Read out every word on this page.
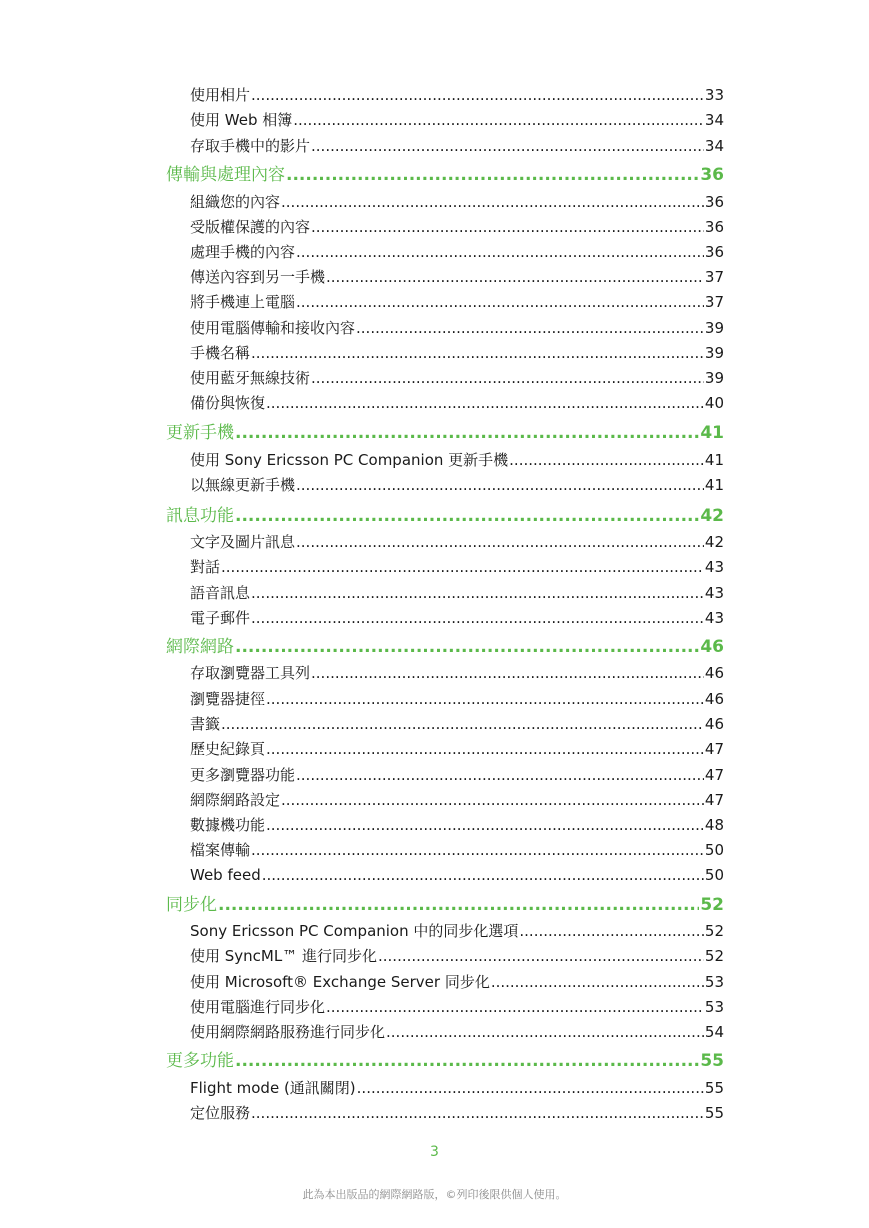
使用相片 .....	33
使用 Web 相簿 .....	34
存取手機中的影片 .....	34
傳輸與處理內容 .....	36
組織您的內容 .....	36
受版權保護的內容 .....	36
處理手機的內容 .....	36
傳送內容到另一手機 .....	37
將手機連上電腦 .....	37
使用電腦傳輸和接收內容 .....	39
手機名稱 .....	39
使用藍牙無線技術 .....	39
備份與恢復 .....	40
更新手機 .....	41
使用 Sony Ericsson PC Companion 更新手機 .....	41
以無線更新手機 .....	41
訊息功能 .....	42
文字及圖片訊息 .....	42
對話 .....	43
語音訊息 .....	43
電子郵件 .....	43
網際網路 .....	46
存取瀏覽器工具列 .....	46
瀏覽器捷徑 .....	46
書籤 .....	46
歷史紀錄頁 .....	47
更多瀏覽器功能 .....	47
網際網路設定 .....	47
數據機功能 .....	48
檔案傳輸 .....	50
Web feed .....	50
同步化 .....	52
Sony Ericsson PC Companion 中的同步化選項 .....	52
使用 SyncML™ 進行同步化 .....	52
使用 Microsoft® Exchange Server 同步化 .....	53
使用電腦進行同步化 .....	53
使用網際網路服務進行同步化 .....	54
更多功能 .....	55
Flight mode (通訊關閉) .....	55
定位服務 .....	55
3
此為本出版品的網際網路版，©列印後限供個人使用。
